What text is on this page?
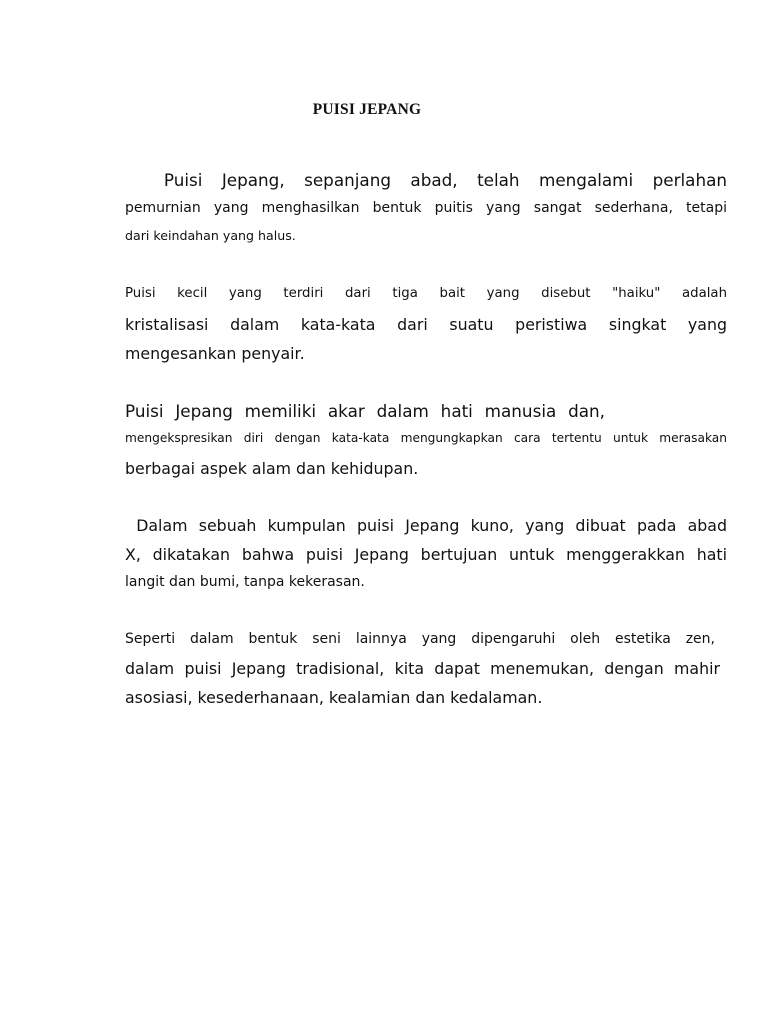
PUISI JEPANG
Puisi Jepang, sepanjang abad, telah mengalami perlahan
pemurnian yang menghasilkan bentuk puitis yang sangat sederhana, tetapi
dari keindahan yang halus.
Puisi kecil yang terdiri dari tiga bait yang disebut "haiku" adalah
kristalisasi dalam kata-kata dari suatu peristiwa singkat yang
mengesankan penyair.
Puisi Jepang memiliki akar dalam hati manusia dan,
mengekspresikan diri dengan kata-kata mengungkapkan cara tertentu untuk merasakan
berbagai aspek alam dan kehidupan.
Dalam sebuah kumpulan puisi Jepang kuno, yang dibuat pada abad
X, dikatakan bahwa puisi Jepang bertujuan untuk menggerakkan hati
langit dan bumi, tanpa kekerasan.
Seperti dalam bentuk seni lainnya yang dipengaruhi oleh estetika zen,
dalam puisi Jepang tradisional, kita dapat menemukan, dengan mahir
asosiasi, kesederhanaan, kealamian dan kedalaman.
